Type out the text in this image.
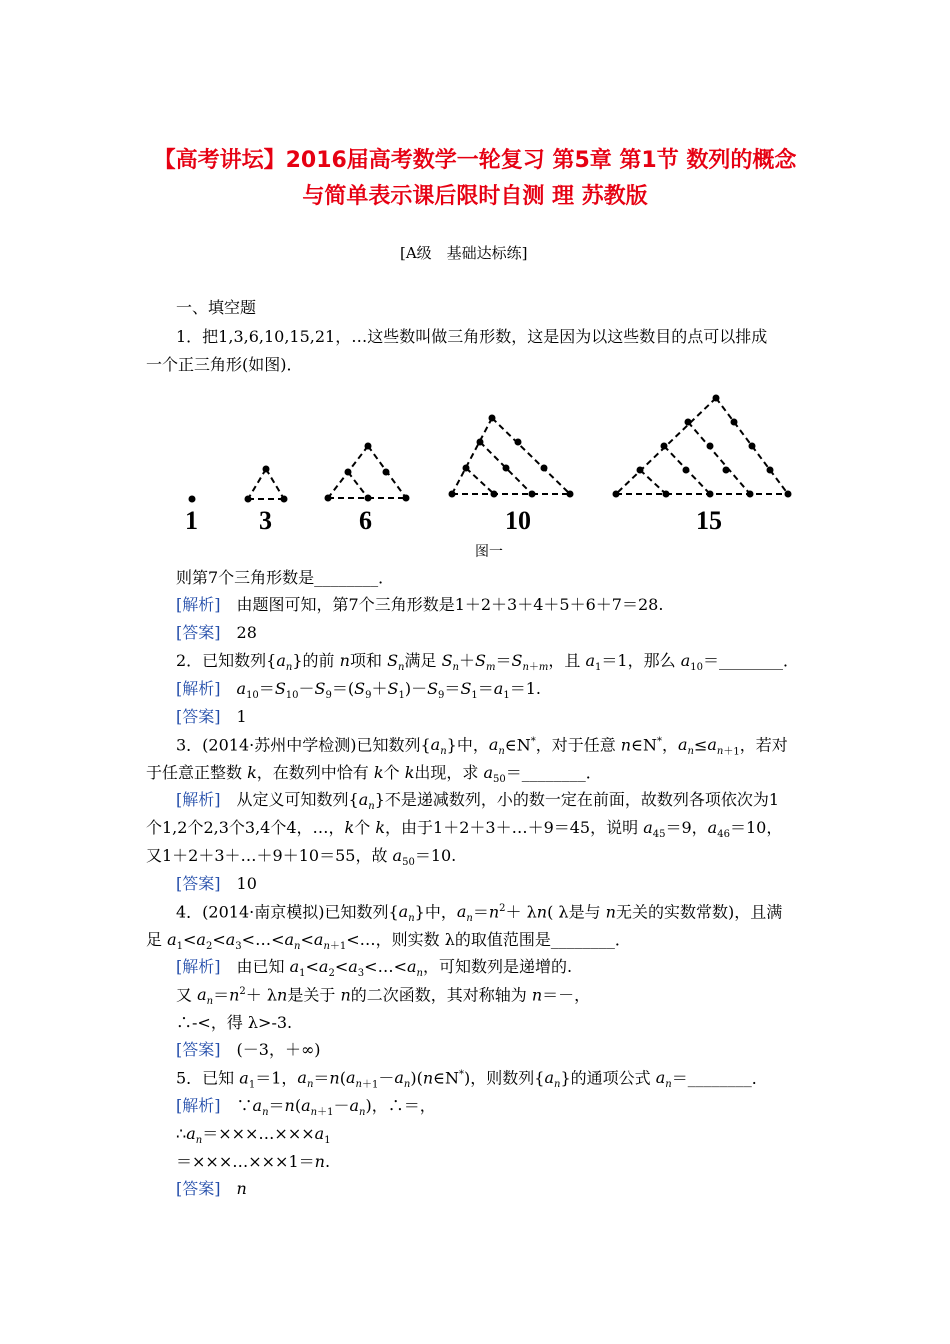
【高考讲坛】2016届高考数学一轮复习 第5章 第1节 数列的概念
与简单表示课后限时自测 理 苏教版
[A级　基础达标练]
一、填空题
1．把1,3,6,10,15,21，…这些数叫做三角形数，这是因为以这些数目的点可以排成
一个正三角形(如图)．
1 3	6	10	15
图一
则第7个三角形数是________．
[解析]　 由题图可知，第7个三角形数是1＋2＋3＋4＋5＋6＋7＝28.
[答案]　 28
2．已知数列$\{a_n\}$的前 n项和 $S_n$满足 $S_n+S_m=S_{n+m}$，且 $a_1=1$，那么 $a_{10}=\_\_\_\_\_\_\_\_$．
[解析]　 $a_{10}=S_{10}-S_9=(S_9+S_1)-S_9=S_1=a_1=1$.
[答案]　 1
3．(2014·苏州中学检测)已知数列$\{a_n\}$中，$a_n\in N^*$，对于任意 n∈N*，$a_n\le a_{n+1}$，若对
于任意正整数 k，在数列中恰有 k个 k出现，求 $a_{50}=\_\_\_\_\_\_\_\_$．
[解析]　从定义可知数列$\{a_n\}$不是递减数列，小的数一定在前面，故数列各项依次为1
个1,2个2,3个3,4个4，…，k个 k，由于1＋2＋3＋…＋9＝45，说明 $a_{45}=9$，$a_{46}=10$，
又1＋2＋3＋…＋9＋10＝55，故 $a_{50}=10$.
[答案]　 10
4．(2014·南京模拟)已知数列$\{a_n\}$中，$a_n=n^2+ \lambda n$( λ是与 n无关的实数常数)，且满
足 $a_1<a_2<a_3<\dots<a_n<a_{n+1}<\dots$，则实数 λ的取值范围是________．
[解析]　由已知 $a_1<a_2<a_3<\dots<a_n$，可知数列是递增的.
又 $a_n=n^2+ \lambda n$是关于 n的二次函数，其对称轴为 n＝－，
∴-<，得 λ>-3.
[答案]　 (－3，＋∞)
5．已知 $a_1=1$，$a_n=n(a_{n+1}-a_n)(n\in N^*)$，则数列$\{a_n\}$的通项公式 $a_n=\_\_\_\_\_\_\_\_$．
[解析]　$\because a_n=n(a_{n+1}-a_n)$，∴＝，
$\therefore a_n=\times\times\times\dots\times\times\times a_1$
＝×××…×××1＝n.
[答案]　 n
